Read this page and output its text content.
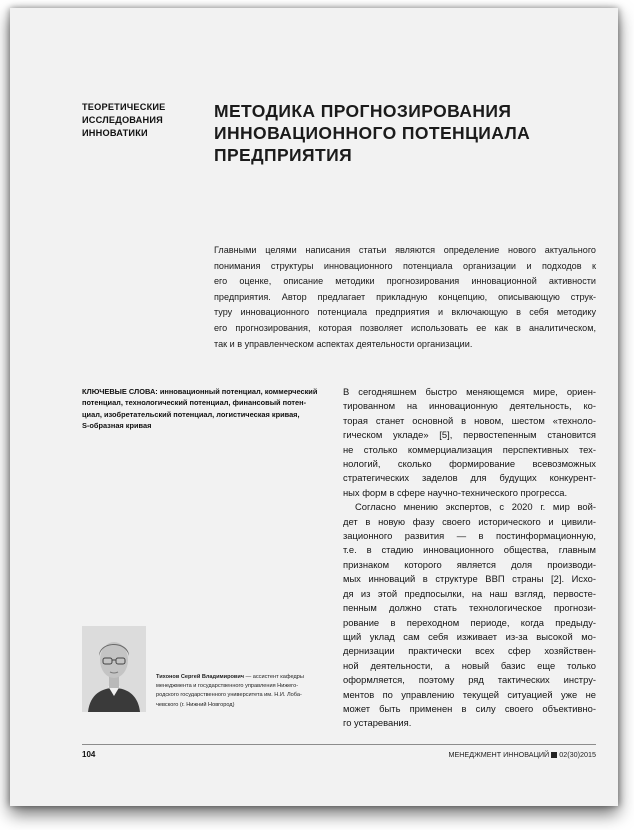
ТЕОРЕТИЧЕСКИЕ
ИССЛЕДОВАНИЯ
ИННОВАТИКИ
МЕТОДИКА ПРОГНОЗИРОВАНИЯ
ИННОВАЦИОННОГО ПОТЕНЦИАЛА
ПРЕДПРИЯТИЯ
Главными целями написания статьи являются определение нового актуального
понимания структуры инновационного потенциала организации и подходов к
его оценке, описание методики прогнозирования инновационной активности
предприятия. Автор предлагает прикладную концепцию, описывающую струк-
туру инновационного потенциала предприятия и включающую в себя методику
его прогнозирования, которая позволяет использовать ее как в аналитическом,
так и в управленческом аспектах деятельности организации.
КЛЮЧЕВЫЕ СЛОВА: инновационный потенциал, коммерческий
потенциал, технологический потенциал, финансовый потен-
циал, изобретательский потенциал, логистическая кривая,
S-образная кривая
В сегодняшнем быстро меняющемся мире, ориен-
тированном на инновационную деятельность, ко-
торая станет основной в новом, шестом «техноло-
гическом укладе» [5], первостепенным становится
не столько коммерциализация перспективных тех-
нологий, сколько формирование всевозможных
стратегических заделов для будущих конкурент-
ных форм в сфере научно-технического прогресса.
Согласно мнению экспертов, с 2020 г. мир вой-
дет в новую фазу своего исторического и цивили-
зационного развития — в постинформационную,
т.е. в стадию инновационного общества, главным
признаком которого является доля производи-
мых инноваций в структуре ВВП страны [2]. Исхо-
дя из этой предпосылки, на наш взгляд, первосте-
пенным должно стать технологическое прогнози-
рование в переходном периоде, когда предыду-
щий уклад сам себя изживает из-за высокой мо-
дернизации практически всех сфер хозяйствен-
ной деятельности, а новый базис еще только
оформляется, поэтому ряд тактических инстру-
ментов по управлению текущей ситуацией уже не
может быть применен в силу своего объективно-
го устаревания.
Тихонов Сергей Владимирович — ассистент кафедры
менеджмента и государственного управления Нижего-
родского государственного университета им. Н.И. Лоба-
чевского (г. Нижний Новгород)
104	МЕНЕДЖМЕНТ ИННОВАЦИЙ 02(30)2015
